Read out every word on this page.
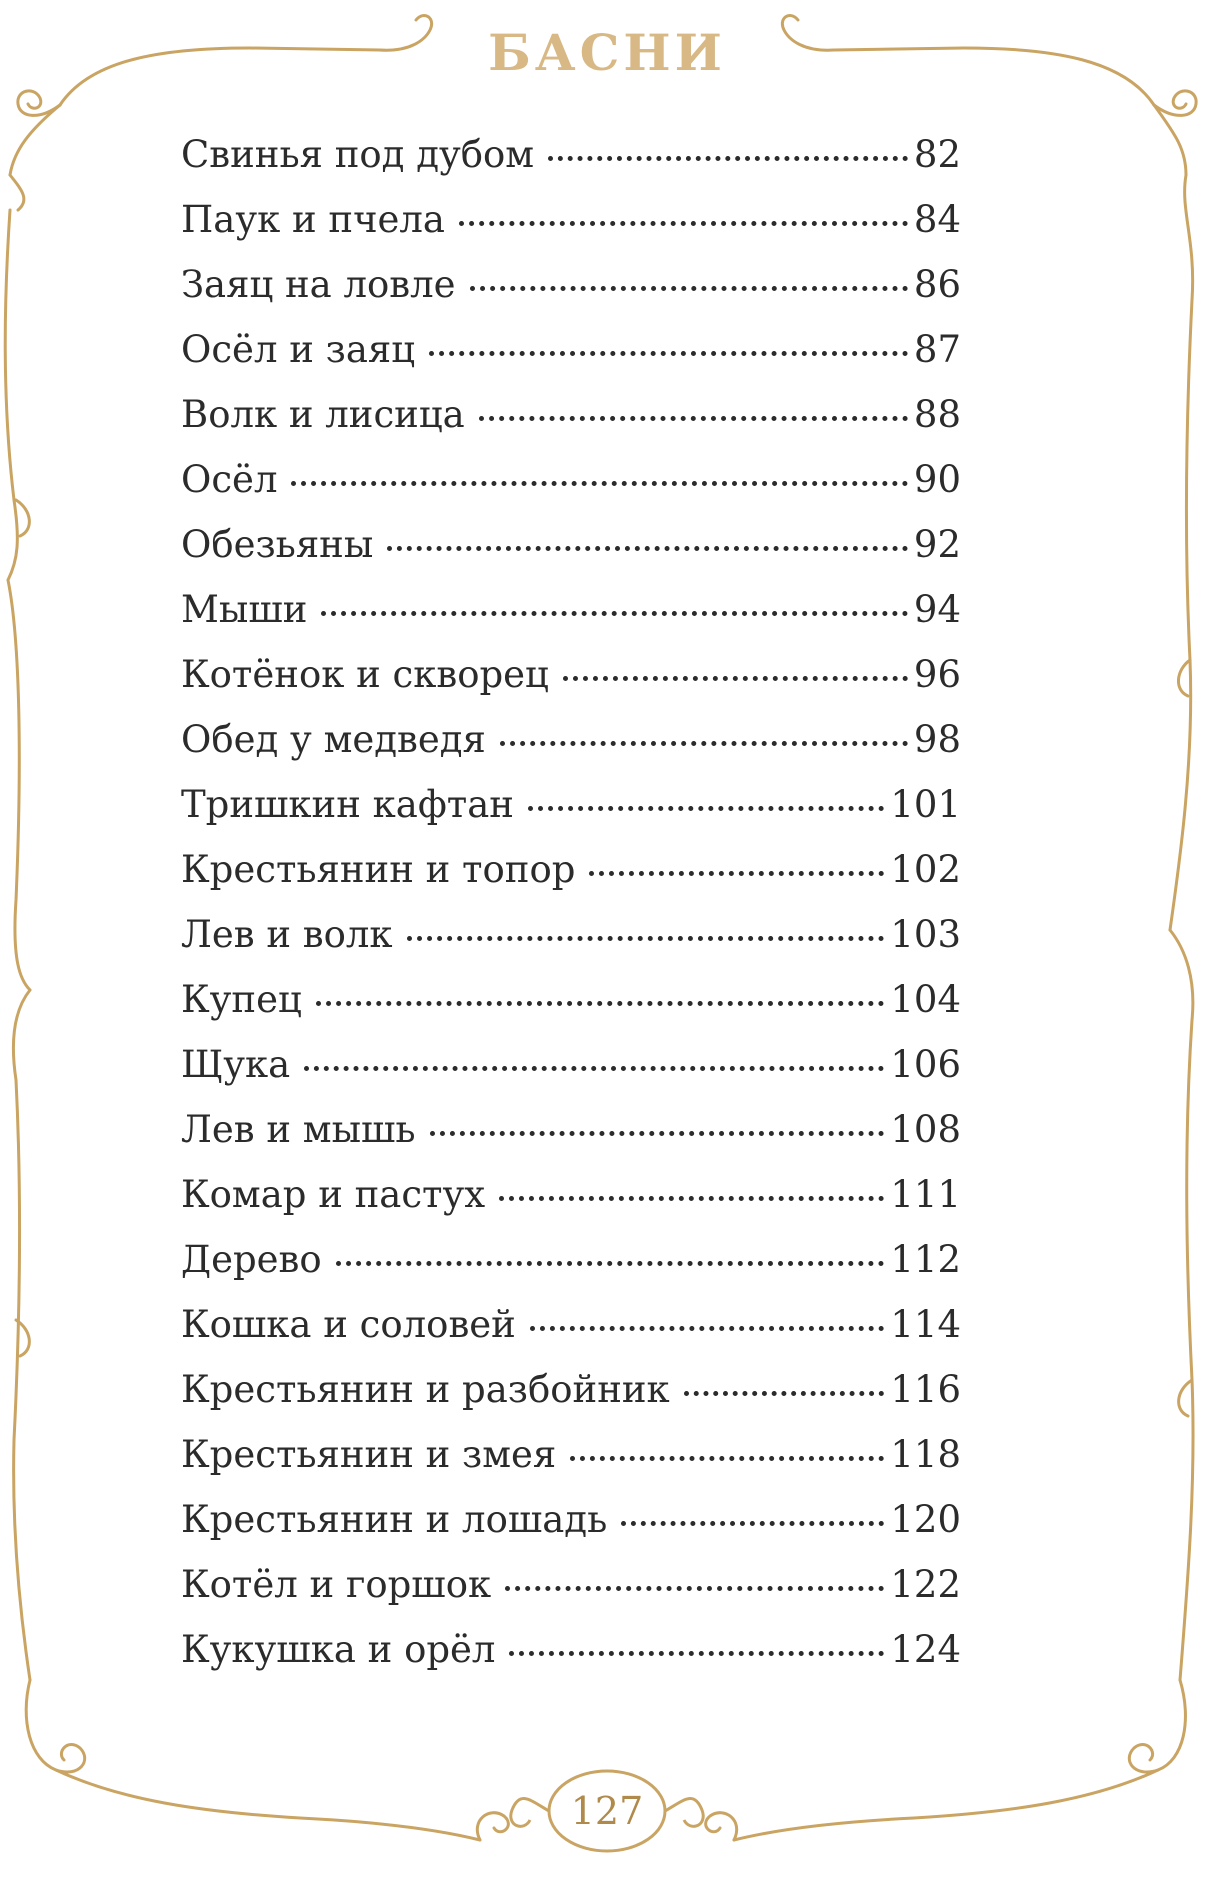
БАСНИ
Свинья под дубом	82
Паук и пчела	84
Заяц на ловле	86
Осёл и заяц	87
Волк и лисица	88
Осёл	90
Обезьяны	92
Мыши	94
Котёнок и скворец	96
Обед у медведя	98
Тришкин кафтан	101
Крестьянин и топор	102
Лев и волк	103
Купец	104
Щука	106
Лев и мышь	108
Комар и пастух	111
Дерево	112
Кошка и соловей	114
Крестьянин и разбойник	116
Крестьянин и змея	118
Крестьянин и лошадь	120
Котёл и горшок	122
Кукушка и орёл	124
127
